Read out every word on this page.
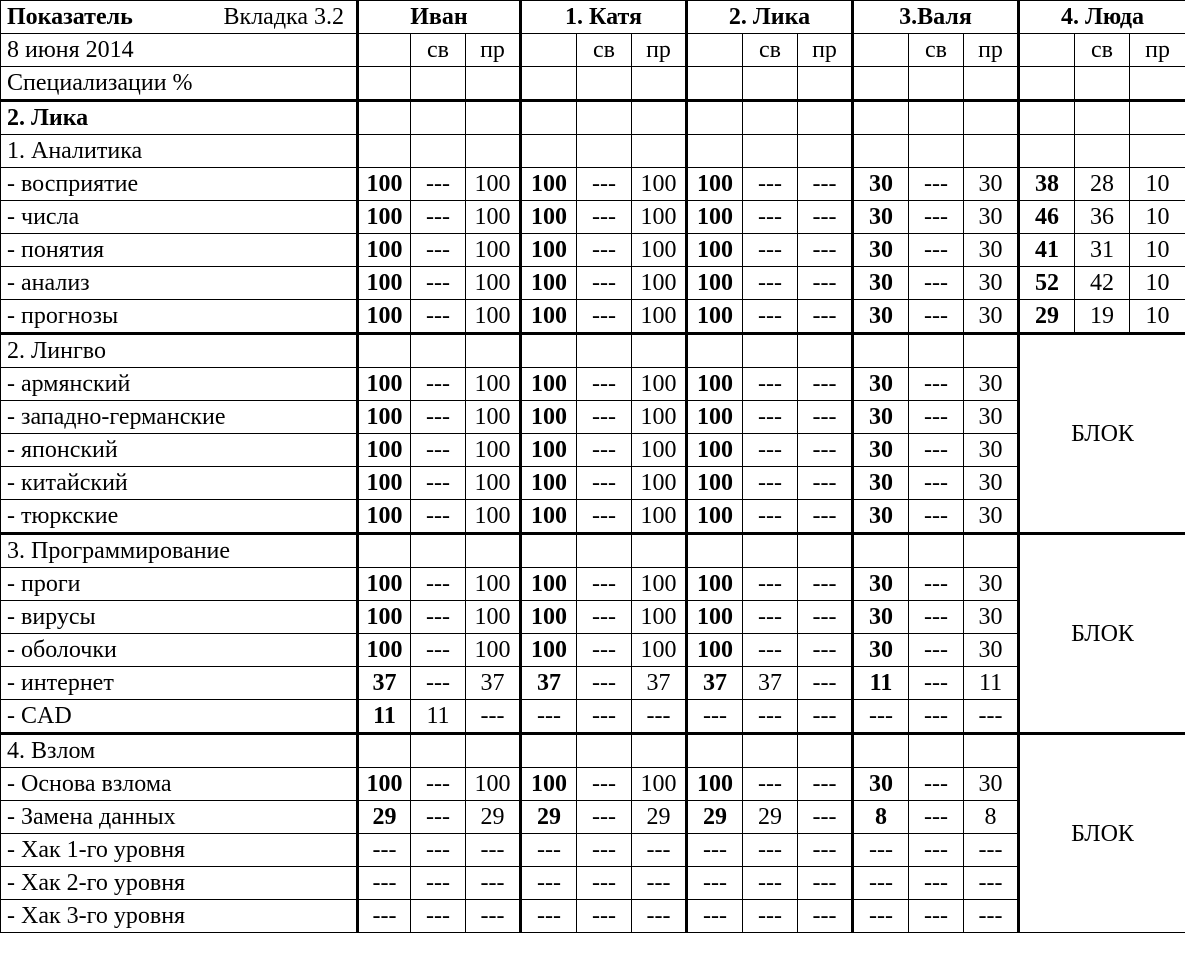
Показатель Вкладка 3.2	Иван			1. Катя			2. Лика			3.Валя			4. Люда		
8 июня 2014		св	пр		св	пр		св	пр		св	пр		св	пр
Специализации %															
2. Лика															
1. Аналитика															
- восприятие	100	---	100	100	---	100	100	---	---	30	---	30	38	28	10
- числа	100	---	100	100	---	100	100	---	---	30	---	30	46	36	10
- понятия	100	---	100	100	---	100	100	---	---	30	---	30	41	31	10
- анализ	100	---	100	100	---	100	100	---	---	30	---	30	52	42	10
- прогнозы	100	---	100	100	---	100	100	---	---	30	---	30	29	19	10
2. Лингво													БЛОК		
- армянский	100	---	100	100	---	100	100	---	---	30	---	30			
- западно-германские	100	---	100	100	---	100	100	---	---	30	---	30			
- японский	100	---	100	100	---	100	100	---	---	30	---	30			
- китайский	100	---	100	100	---	100	100	---	---	30	---	30			
- тюркские	100	---	100	100	---	100	100	---	---	30	---	30			
3. Программирование													БЛОК		
- проги	100	---	100	100	---	100	100	---	---	30	---	30			
- вирусы	100	---	100	100	---	100	100	---	---	30	---	30			
- оболочки	100	---	100	100	---	100	100	---	---	30	---	30			
- интернет	37	---	37	37	---	37	37	37	---	11	---	11			
- CAD	11	11	---	---	---	---	---	---	---	---	---	---			
4. Взлом													БЛОК		
- Основа взлома	100	---	100	100	---	100	100	---	---	30	---	30			
- Замена данных	29	---	29	29	---	29	29	29	---	8	---	8			
- Хак 1-го уровня	---	---	---	---	---	---	---	---	---	---	---	---			
- Хак 2-го уровня	---	---	---	---	---	---	---	---	---	---	---	---			
- Хак 3-го уровня	---	---	---	---	---	---	---	---	---	---	---	---			
